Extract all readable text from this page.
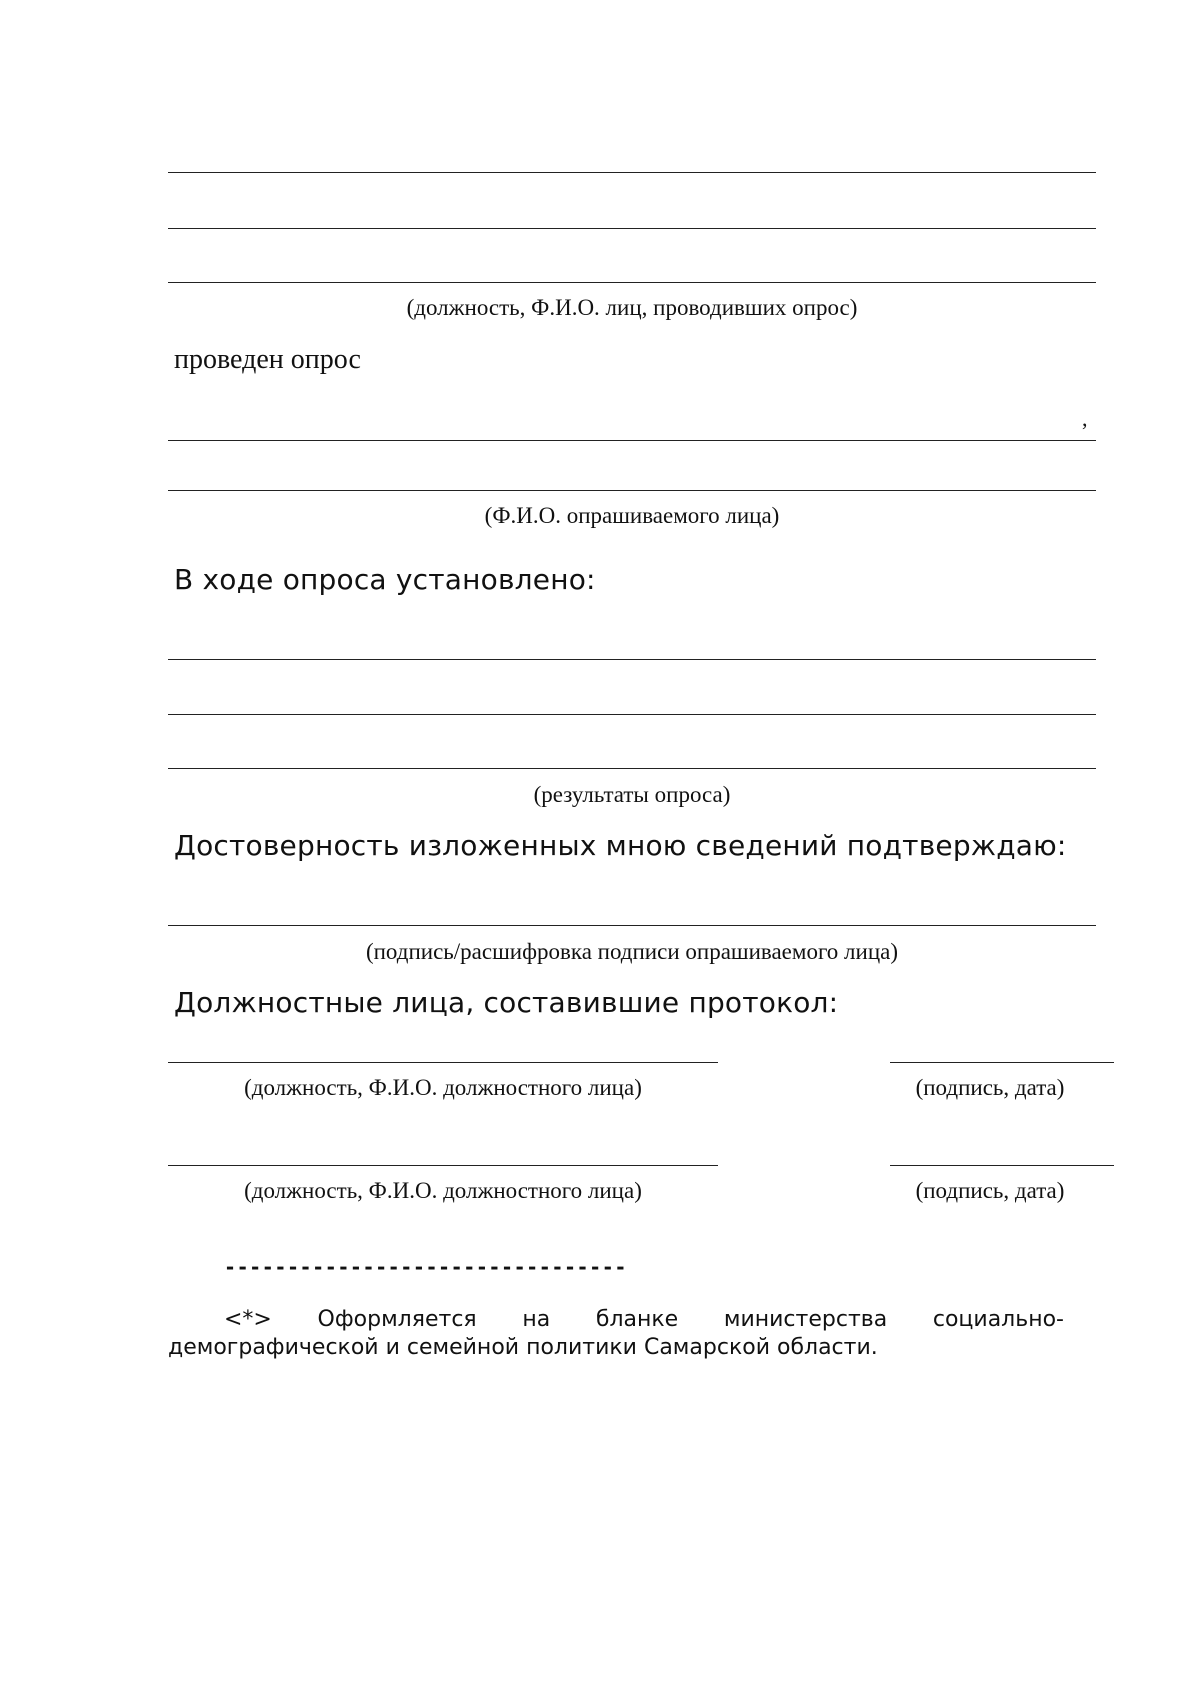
(должность, Ф.И.О. лиц, проводивших опрос)
проведен опрос
,
(Ф.И.О. опрашиваемого лица)
В ходе опроса установлено:
(результаты опроса)
Достоверность изложенных мною сведений подтверждаю:
(подпись/расшифровка подписи опрашиваемого лица)
Должностные лица, составившие протокол:
(должность, Ф.И.О. должностного лица)	(подпись, дата)
(должность, Ф.И.О. должностного лица)	(подпись, дата)
--------------------------------
<*> Оформляется на бланке министерства социально-демографической и семейной политики Самарской области.
